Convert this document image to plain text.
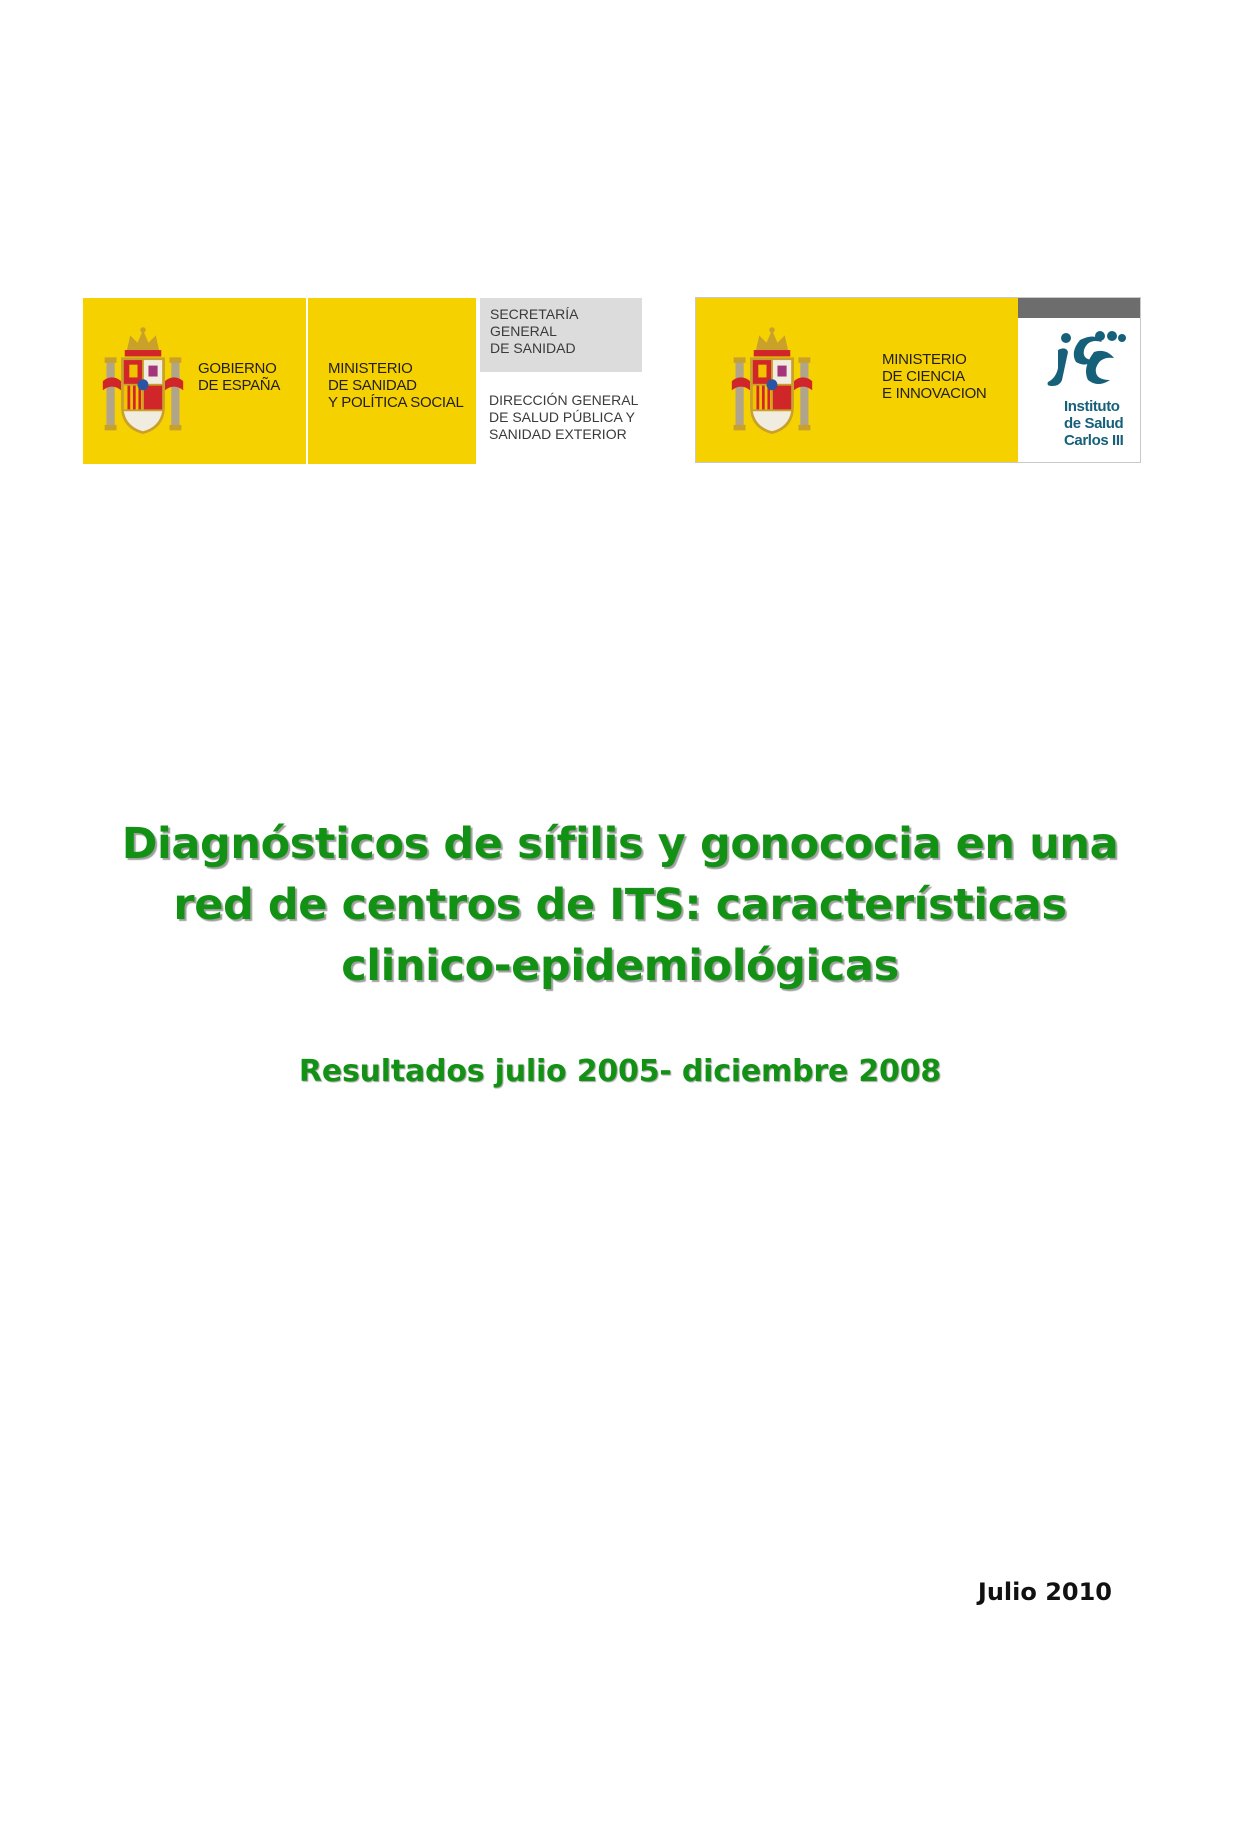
GOBIERNO
DE ESPAÑA
MINISTERIO
DE SANIDAD
Y POLÍTICA SOCIAL
SECRETARÍA
GENERAL
DE SANIDAD
DIRECCIÓN GENERAL
DE SALUD PÚBLICA Y
SANIDAD EXTERIOR
MINISTERIO
DE CIENCIA
E INNOVACION
Instituto
de Salud
Carlos III
Diagnósticos de sífilis y gonococia en una
red de centros de ITS: características
clinico-epidemiológicas
Resultados julio 2005- diciembre 2008
Julio 2010
